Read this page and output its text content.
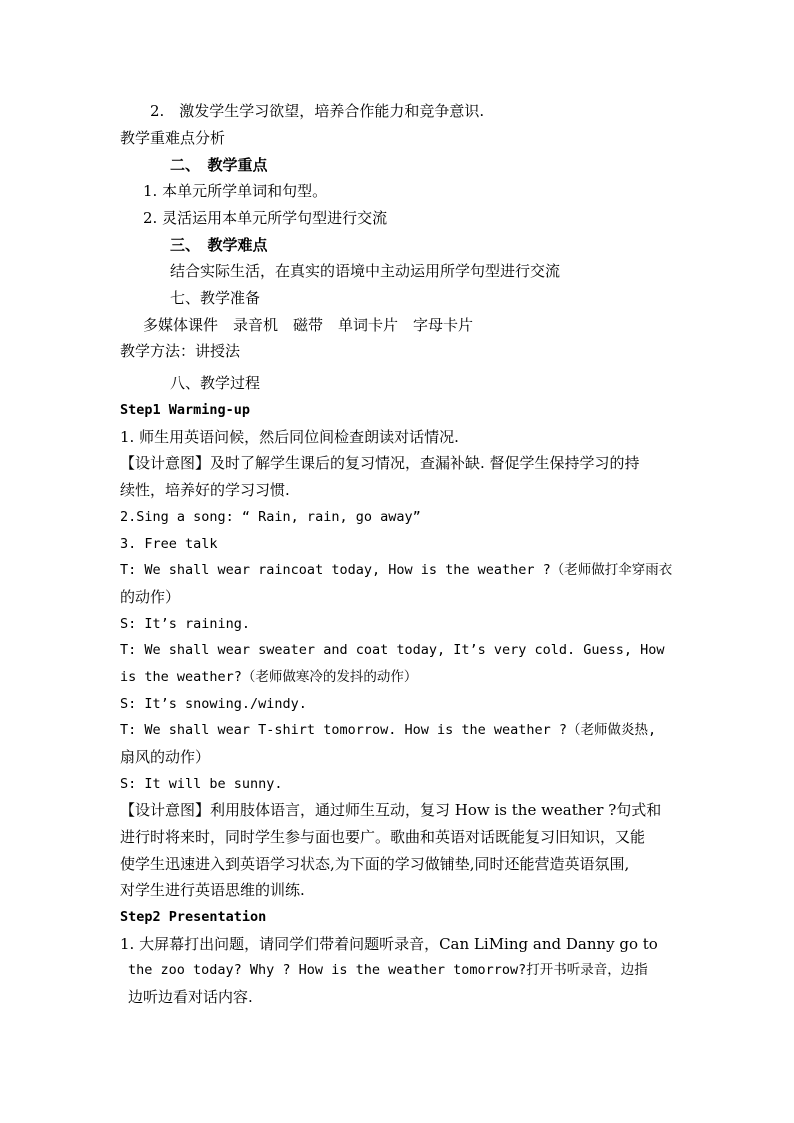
2.　激发学生学习欲望，培养合作能力和竞争意识.
教学重难点分析
二、　教学重点
1. 本单元所学单词和句型。
2. 灵活运用本单元所学句型进行交流
三、　教学难点
结合实际生活，在真实的语境中主动运用所学句型进行交流
七、教学准备
多媒体课件　录音机　磁带　单词卡片　字母卡片
教学方法：讲授法
八、教学过程
Step1 Warming-up
1. 师生用英语问候，然后同位间检查朗读对话情况.
【设计意图】及时了解学生课后的复习情况，查漏补缺. 督促学生保持学习的持
续性，培养好的学习习惯.
2.Sing a song: “ Rain, rain, go away”
3. Free talk
T: We shall wear raincoat today, How is the weather ?（老师做打伞穿雨衣
的动作）
S: It’s raining.
T: We shall wear sweater and coat today, It’s very cold. Guess, How
is the weather?（老师做寒冷的发抖的动作）
S: It’s snowing./windy.
T: We shall wear T-shirt tomorrow. How is the weather ?（老师做炎热,
扇风的动作）
S: It will be sunny.
【设计意图】利用肢体语言，通过师生互动，复习 How is the weather ?句式和
进行时将来时，同时学生参与面也要广。歌曲和英语对话既能复习旧知识，又能
使学生迅速进入到英语学习状态,为下面的学习做铺垫,同时还能营造英语氛围,
对学生进行英语思维的训练.
Step2 Presentation
1. 大屏幕打出问题，请同学们带着问题听录音，Can LiMing and Danny go to
the zoo today? Why ? How is the weather tomorrow?打开书听录音，边指
边听边看对话内容.
